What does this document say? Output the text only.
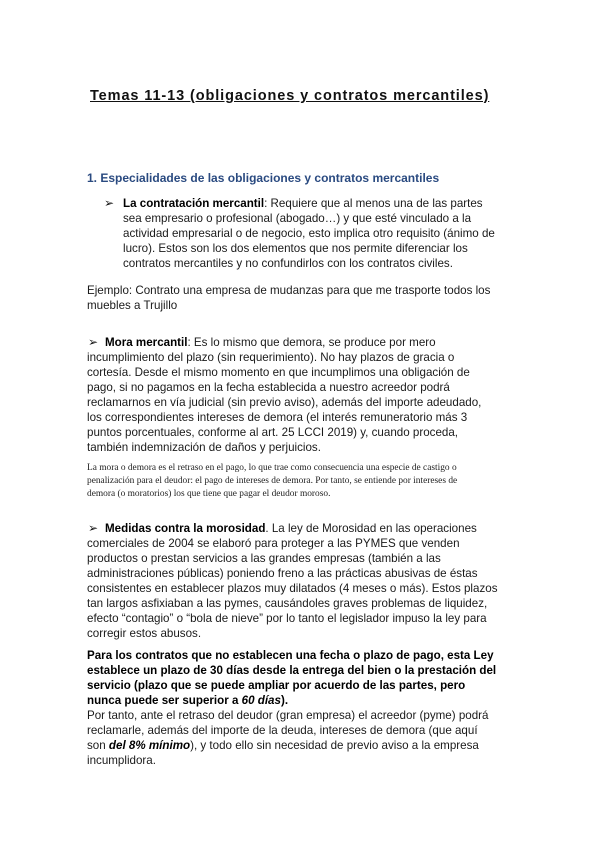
Temas 11-13 (obligaciones y contratos mercantiles)
1. Especialidades de las obligaciones y contratos mercantiles
➢ La contratación mercantil: Requiere que al menos una de las partes
sea empresario o profesional (abogado…) y que esté vinculado a la
actividad empresarial o de negocio, esto implica otro requisito (ánimo de
lucro). Estos son los dos elementos que nos permite diferenciar los
contratos mercantiles y no confundirlos con los contratos civiles.
Ejemplo: Contrato una empresa de mudanzas para que me trasporte todos los
muebles a Trujillo
➢ Mora mercantil: Es lo mismo que demora, se produce por mero
incumplimiento del plazo (sin requerimiento). No hay plazos de gracia o
cortesía. Desde el mismo momento en que incumplimos una obligación de
pago, si no pagamos en la fecha establecida a nuestro acreedor podrá
reclamarnos en vía judicial (sin previo aviso), además del importe adeudado,
los correspondientes intereses de demora (el interés remuneratorio más 3
puntos porcentuales, conforme al art. 25 LCCI 2019) y, cuando proceda,
también indemnización de daños y perjuicios.
La mora o demora es el retraso en el pago, lo que trae como consecuencia una especie de castigo o
penalización para el deudor: el pago de intereses de demora. Por tanto, se entiende por intereses de
demora (o moratorios) los que tiene que pagar el deudor moroso.
➢ Medidas contra la morosidad. La ley de Morosidad en las operaciones
comerciales de 2004 se elaboró para proteger a las PYMES que venden
productos o prestan servicios a las grandes empresas (también a las
administraciones públicas) poniendo freno a las prácticas abusivas de éstas
consistentes en establecer plazos muy dilatados (4 meses o más). Estos plazos
tan largos asfixiaban a las pymes, causándoles graves problemas de liquidez,
efecto “contagio” o “bola de nieve” por lo tanto el legislador impuso la ley para
corregir estos abusos.
Para los contratos que no establecen una fecha o plazo de pago, esta Ley
establece un plazo de 30 días desde la entrega del bien o la prestación del
servicio (plazo que se puede ampliar por acuerdo de las partes, pero
nunca puede ser superior a 60 días).
Por tanto, ante el retraso del deudor (gran empresa) el acreedor (pyme) podrá
reclamarle, además del importe de la deuda, intereses de demora (que aquí
son del 8% mínimo), y todo ello sin necesidad de previo aviso a la empresa
incumplidora.
